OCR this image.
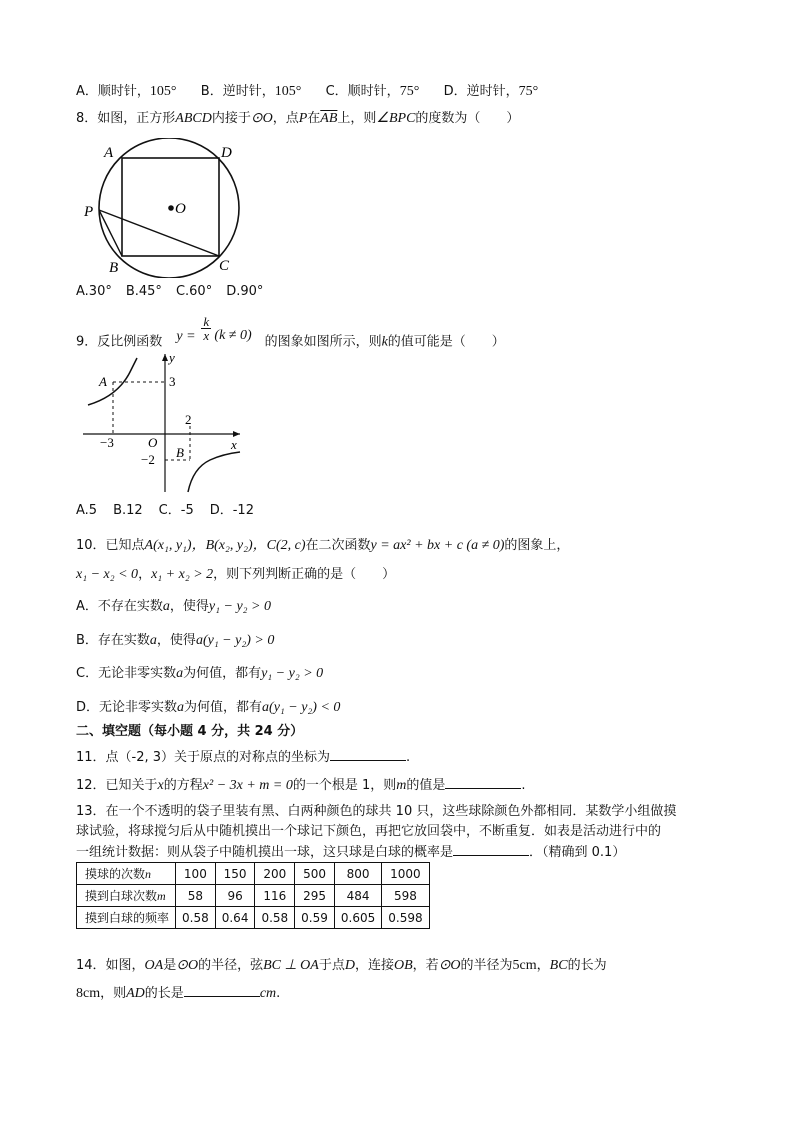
A．顺时针，105° B．逆时针，105° C．顺时针，75° D．逆时针，75°
8．如图，正方形ABCD内接于⊙O，点P在$\overline{AB}$上，则∠BPC的度数为（　　）
A	D
P
B	C
O
A.30° B.45° C.60° D.90°
9．反比例函数 $y = \frac{k}{x} (k \ne 0)$ 的图象如图所示，则k的值可能是（　　）
y
x
O
A
B
3
2
−3
−2
A.5 B.12 C．-5 D．-12
10．已知点A(x₁, y₁)，B(x₂, y₂)，C(2, c)在二次函数y = ax² + bx + c (a ≠ 0)的图象上，
x₁ − x₂ < 0，x₁ + x₂ > 2，则下列判断正确的是（　　）
A．不存在实数a，使得y₁ − y₂ > 0
B．存在实数a，使得a(y₁ − y₂) > 0
C．无论非零实数a为何值，都有y₁ − y₂ > 0
D．无论非零实数a为何值，都有a(y₁ − y₂) < 0
二、填空题（每小题 4 分，共 24 分）
11．点（-2, 3）关于原点的对称点的坐标为	.
12．已知关于x的方程x² − 3x + m = 0的一个根是 1，则m的值是	.
13．在一个不透明的袋子里装有黑、白两种颜色的球共 10 只，这些球除颜色外都相同．某数学小组做摸
球试验，将球搅匀后从中随机摸出一个球记下颜色，再把它放回袋中，不断重复．如表是活动进行中的
一组统计数据：则从袋子中随机摸出一球，这只球是白球的概率是	．（精确到 0.1）
摸球的次数n	100	150	200	500	800	1000
摸到白球次数m	58	96	116	295	484	598
摸到白球的频率	0.58	0.64	0.58	0.59	0.605	0.598
14．如图，OA是⊙O的半径，弦BC ⊥ OA于点D，连接OB，若⊙O的半径为5cm，BC的长为
8cm，则AD的长是	cm.
